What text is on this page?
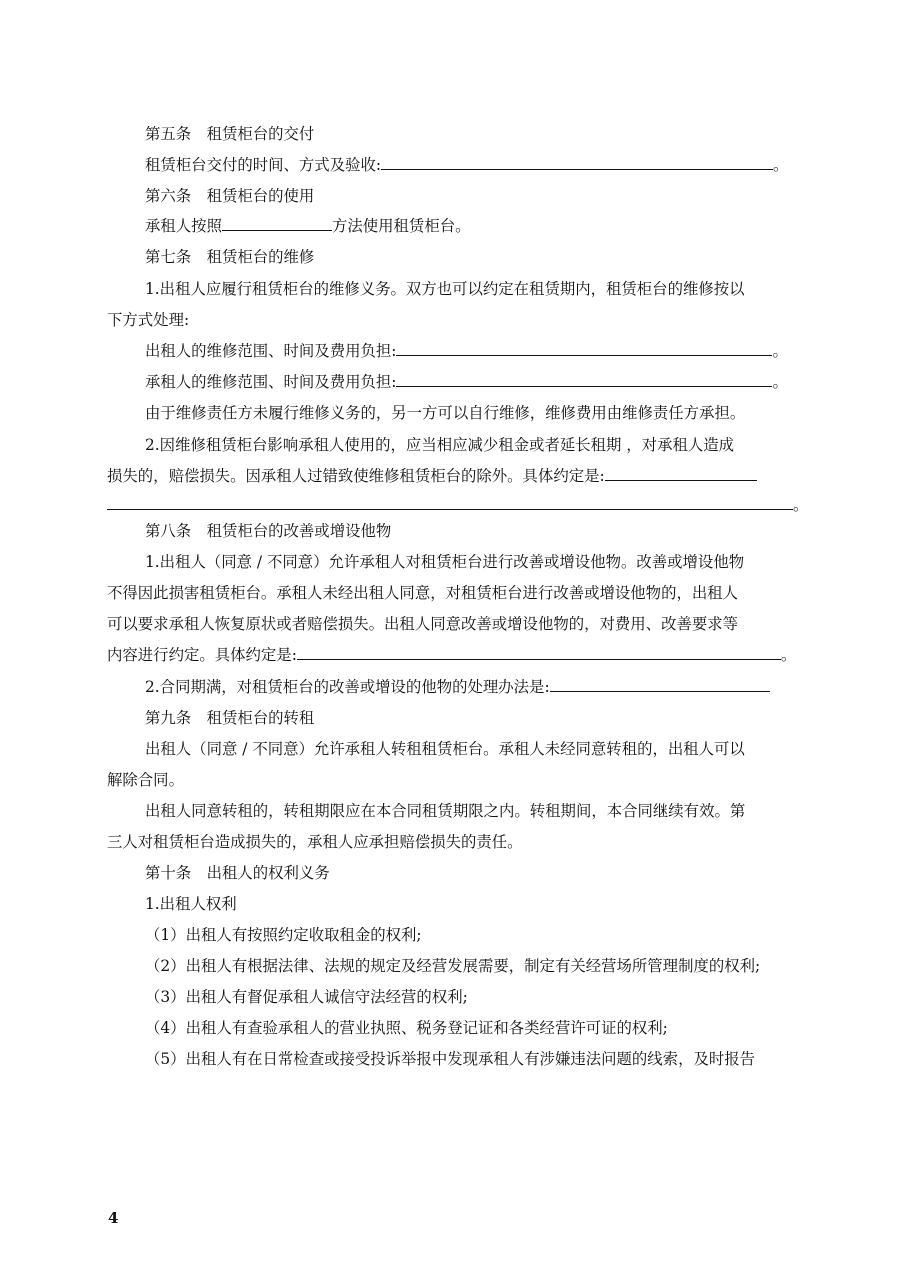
第五条　租赁柜台的交付
租赁柜台交付的时间、方式及验收:	。
第六条　租赁柜台的使用
承租人按照	方法使用租赁柜台。
第七条　租赁柜台的维修
1.出租人应履行租赁柜台的维修义务。双方也可以约定在租赁期内，租赁柜台的维修按以
下方式处理:
出租人的维修范围、时间及费用负担:	。
承租人的维修范围、时间及费用负担:	。
由于维修责任方未履行维修义务的，另一方可以自行维修，维修费用由维修责任方承担。
2.因维修租赁柜台影响承租人使用的，应当相应减少租金或者延长租期 ，对承租人造成
损失的，赔偿损失。因承租人过错致使维修租赁柜台的除外。具体约定是:
。
第八条　租赁柜台的改善或增设他物
1.出租人（同意 / 不同意）允许承租人对租赁柜台进行改善或增设他物。改善或增设他物
不得因此损害租赁柜台。承租人未经出租人同意，对租赁柜台进行改善或增设他物的，出租人
可以要求承租人恢复原状或者赔偿损失。出租人同意改善或增设他物的，对费用、改善要求等
内容进行约定。具体约定是:	。
2.合同期满，对租赁柜台的改善或增设的他物的处理办法是:
第九条　租赁柜台的转租
出租人（同意 / 不同意）允许承租人转租租赁柜台。承租人未经同意转租的，出租人可以
解除合同。
出租人同意转租的，转租期限应在本合同租赁期限之内。转租期间，本合同继续有效。第
三人对租赁柜台造成损失的，承租人应承担赔偿损失的责任。
第十条　出租人的权利义务
1.出租人权利
（1）出租人有按照约定收取租金的权利;
（2）出租人有根据法律、法规的规定及经营发展需要，制定有关经营场所管理制度的权利;
（3）出租人有督促承租人诚信守法经营的权利;
（4）出租人有查验承租人的营业执照、税务登记证和各类经营许可证的权利;
（5）出租人有在日常检查或接受投诉举报中发现承租人有涉嫌违法问题的线索，及时报告
4
